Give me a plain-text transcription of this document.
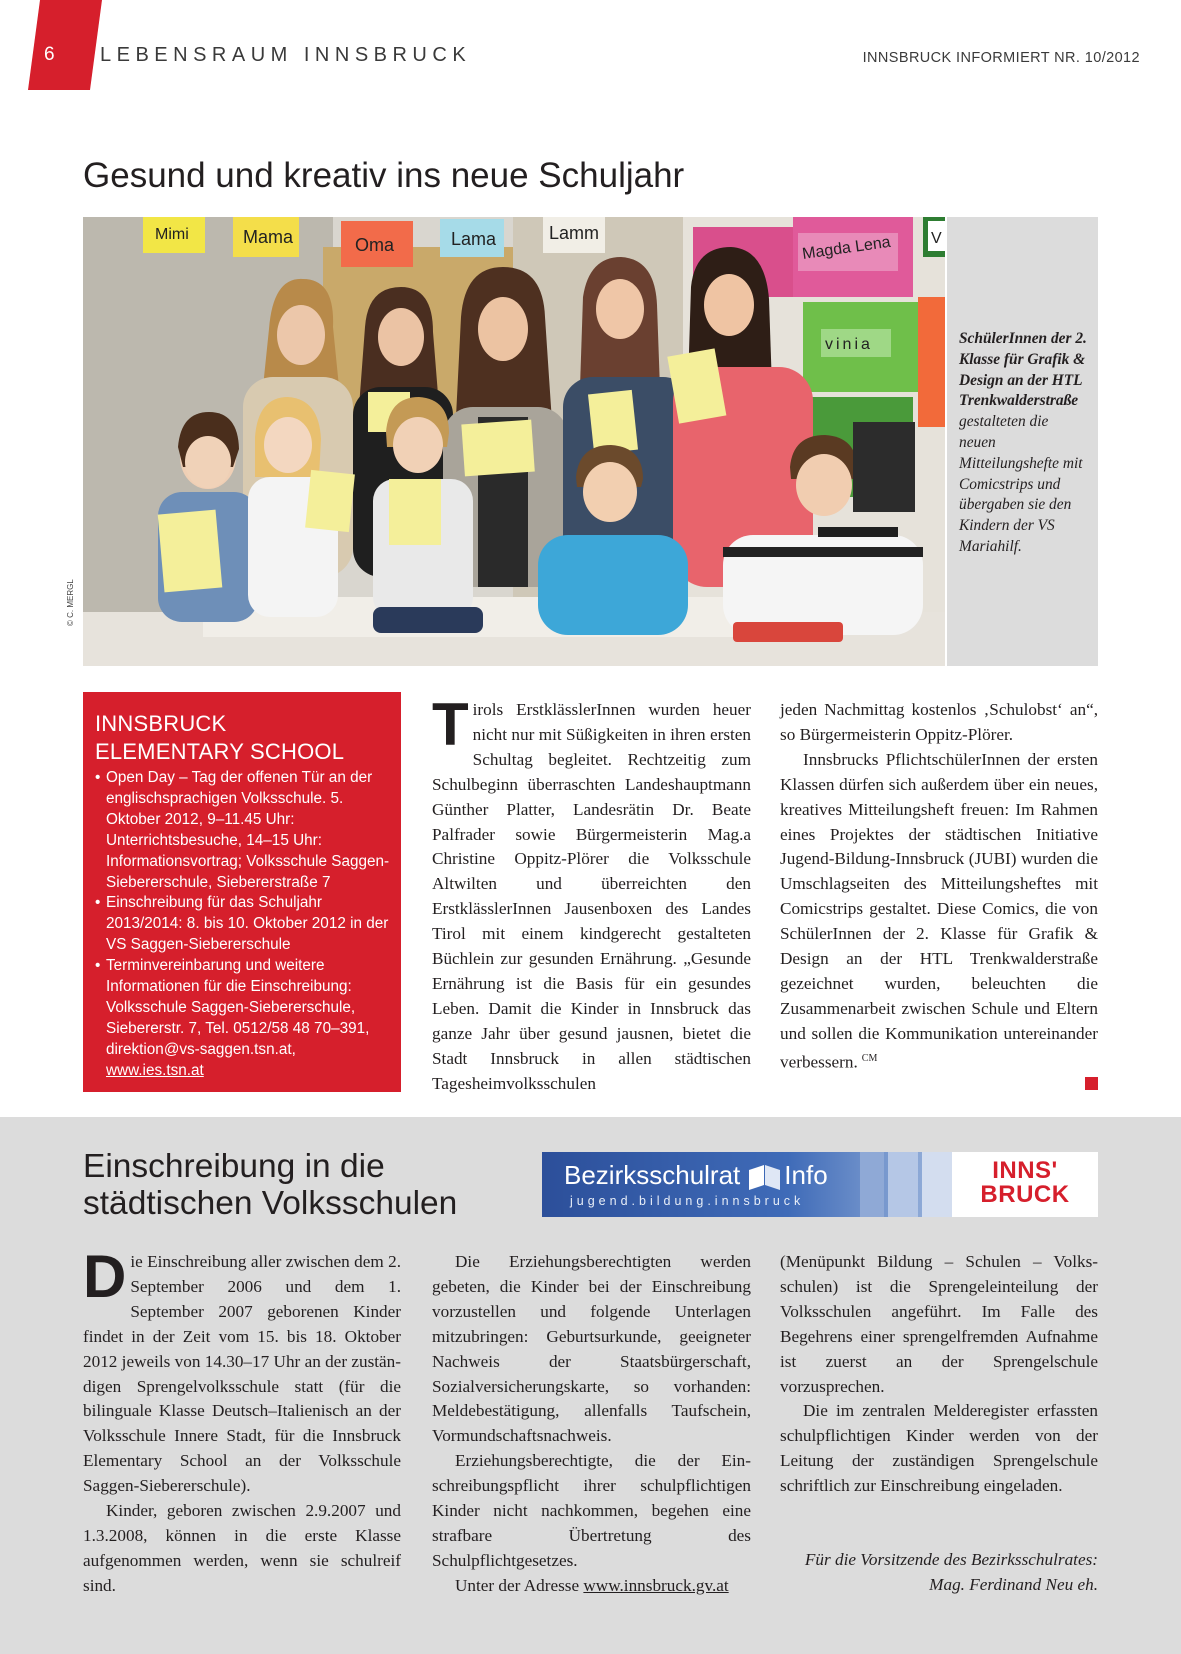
6 LEBENSRAUM INNSBRUCK	INNSBRUCK INFORMIERT NR. 10/2012
Gesund und kreativ ins neue Schuljahr
Mimi	Mama	Oma	Lama	Lamm
Magda Lena V
vinia
© C. MERGL

SchülerInnen der 2. Klasse für Grafik & Design an der HTL Trenkwalderstraße gestalteten die neuen Mitteilungshefte mit Comicstrips und übergaben sie den Kindern der VS Mariahilf.

INNSBRUCK
ELEMENTARY SCHOOL
• Open Day – Tag der offenen Tür an der englischsprachigen Volksschule. 5. Oktober 2012, 9–11.45 Uhr: Unterrichtsbesuche, 14–15 Uhr: Informationsvortrag; Volksschule Saggen-Siebererschule, Siebererstraße 7
• Einschreibung für das Schuljahr 2013/2014: 8. bis 10. Oktober 2012 in der VS Saggen-Siebererschule
• Terminvereinbarung und weitere Informationen für die Einschreibung: Volksschule Saggen-Siebererschule, Siebererstr. 7, Tel. 0512/58 48 70–391, direktion@vs-saggen.tsn.at,
www.ies.tsn.at

Tirols ErstklässlerInnen wurden heuer nicht nur mit Süßigkeiten in ihren ersten Schultag begleitet. Rechtzeitig zum Schulbeginn überraschten Landeshauptmann Günther Platter, Landesrätin Dr. Beate Palfrader sowie Bürgermeisterin Mag.a Christine Oppitz-Plörer die Volksschule Altwilten und überreichten den ErstklässlerInnen Jausenboxen des Landes Tirol mit einem kindgerecht gestalteten Büchlein zur gesunden Ernährung. „Gesunde Ernährung ist die Basis für ein gesundes Leben. Damit die Kinder in Innsbruck das ganze Jahr über gesund jausnen, bietet die Stadt Innsbruck in allen städtischen Tagesheimvolksschulen

jeden Nachmittag kostenlos ‚Schulobst‘ an“, so Bürgermeisterin Oppitz-Plörer.

Innsbrucks PflichtschülerInnen der ersten Klassen dürfen sich außerdem über ein neues, kreatives Mitteilungsheft freuen: Im Rahmen eines Projektes der städtischen Initiative Jugend-Bildung-Innsbruck (JUBI) wurden die Umschlagseiten des Mitteilungsheftes mit Comicstrips gestaltet. Diese Comics, die von SchülerInnen der 2. Klasse für Grafik & Design an der HTL Trenkwalderstraße gezeichnet wurden, beleuchten die Zusammenarbeit zwischen Schule und Eltern und sollen die Kommunikation untereinander verbessern. $^{CM}$

Einschreibung in die
städtischen Volksschulen
Bezirksschulrat Info
jugend.bildung.innsbruck
INNS'
BRUCK

Die Einschreibung aller zwischen dem 2. September 2006 und dem 1. September 2007 geborenen Kinder findet in der Zeit vom 15. bis 18. Oktober 2012 jeweils von 14.30–17 Uhr an der zuständigen Sprengelvolksschule statt (für die bilinguale Klasse Deutsch–Italienisch an der Volksschule Innere Stadt, für die Innsbruck Elementary School an der Volksschule Saggen-Siebererschule).

Kinder, geboren zwischen 2.9.2007 und 1.3.2008, können in die erste Klasse aufgenommen werden, wenn sie schulreif sind.

Die Erziehungsberechtigten werden gebeten, die Kinder bei der Einschreibung vorzustellen und folgende Unterlagen mitzubringen: Geburtsurkunde, geeigneter Nachweis der Staatsbürgerschaft, Sozialversicherungskarte, so vorhanden: Meldebestätigung, allenfalls Taufschein, Vormundschaftsnachweis.

Erziehungsberechtigte, die der Einschreibungspflicht ihrer schulpflichtigen Kinder nicht nachkommen, begehen eine strafbare Übertretung des Schulpflichtgesetzes.

Unter der Adresse www.innsbruck.gv.at

(Menüpunkt Bildung – Schulen – Volksschulen) ist die Sprengeleinteilung der Volksschulen angeführt. Im Falle des Begehrens einer sprengelfremden Aufnahme ist zuerst an der Sprengelschule vorzusprechen.

Die im zentralen Melderegister erfassten schulpflichtigen Kinder werden von der Leitung der zuständigen Sprengelschule schriftlich zur Einschreibung eingeladen.

Für die Vorsitzende des Bezirksschulrates:
Mag. Ferdinand Neu eh.
